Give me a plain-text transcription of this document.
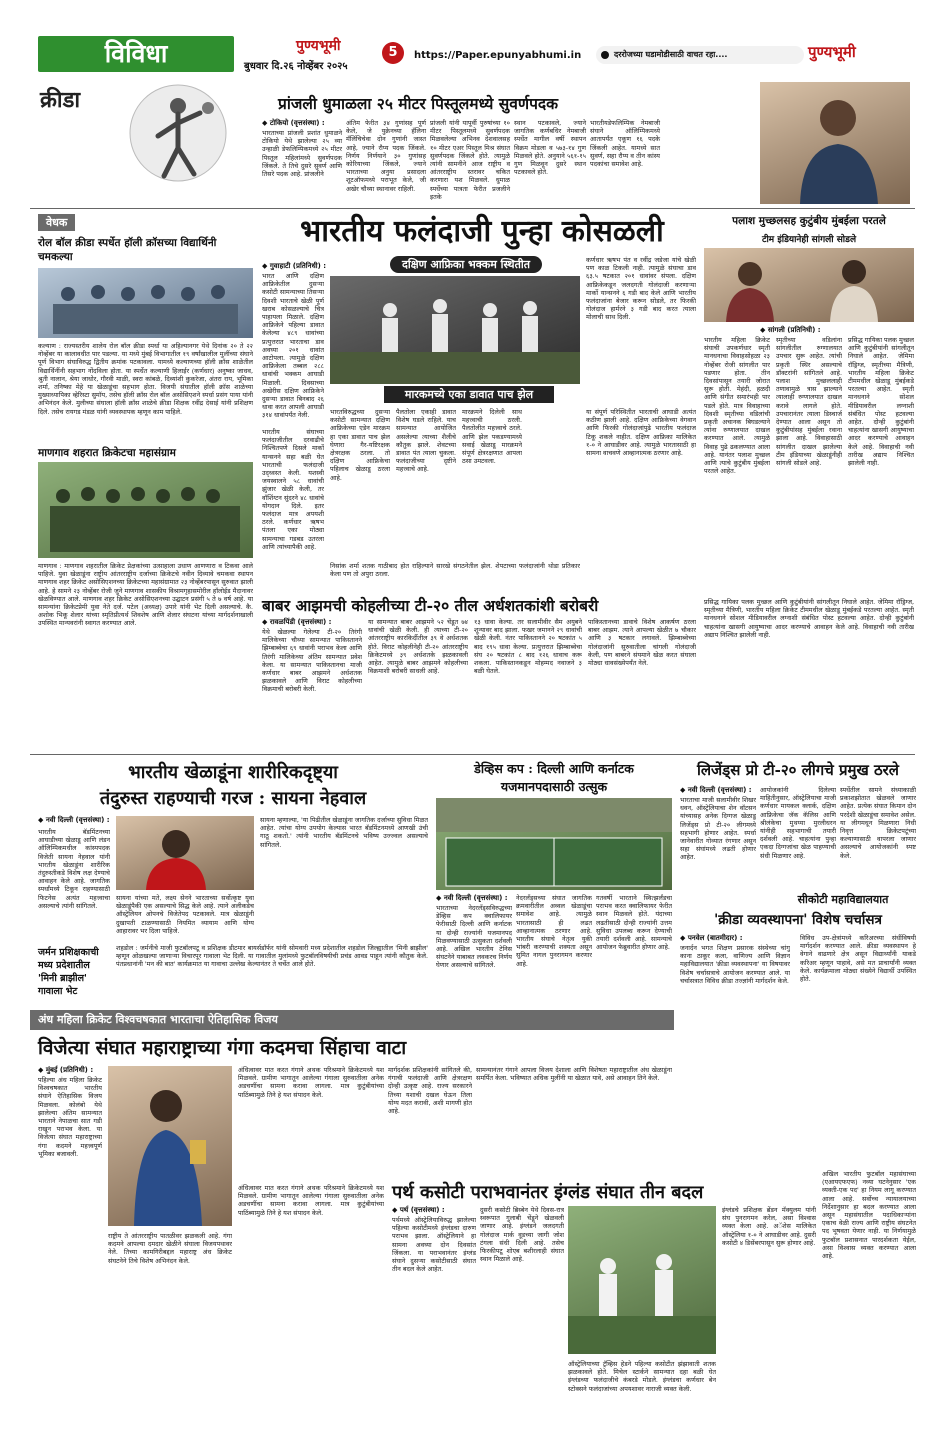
विविधा	पुण्यभूमी
बुधवार दि.२६ नोव्हेंबर २०२५
5	https://Paper.epunyabhumi.in	दररोजच्या घडामोडीसाठी वाचत रहा....	पुण्यभूमी
क्रीडा	प्रांजली धुमाळला २५ मीटर पिस्तूलमध्ये सुवर्णपदक
◆ टोकियो (वृत्तसंस्था) :
भारताच्या प्रांजली प्रशांत धुमाळने टोकियो येथे झालेल्या २५ व्या उन्हाळी डेफलिम्पिकमध्ये २५ मीटर पिस्तूल महिलांमध्ये सुवर्णपदक जिंकले. ते तिचे दुसरे सुवर्ण आणि तिसरे पदक आहे. प्रांजलीने
अंतिम फेरीत ३४ गुणांसह पूर्ण केले, जे युक्रेनच्या हॅलिना मॅलिंचिचेवा दोन गुणांनी जास्त आहे, ज्याने रौप्य पदक जिंकले. निर्णय निर्णयाने ३० गुणांसह कोरियाच्या जिंकले, ज्याने भारताच्या अनुया प्रसादला शूटऑफमध्ये पराभूत केले, जी अखेर चौथ्या स्थानावर राहिली.
प्रांजली यांनी यापूर्वी पुरुषांच्या १० मीटर पिस्तूलमध्ये सुवर्णपदक मिळवलेल्या अभिनव देशवालसह १० मीटर एअर पिस्तूल मिश्र संघात सुवर्णपदक जिंकले होते. त्यामुळे त्यांनी सामनीने आज राष्ट्रीय व आंतरराष्ट्रीय स्तरावर चकित करणारा यश मिळवले. धुमाळ स्पर्धेच्या पात्रता फेरीत प्रजलीने इतके
स्थान पटकावले, ज्याने जागतिक कर्णबधिर नेमबाजी स्पर्धेत मागील वर्षी स्थापन विक्रम मोडला व ५७३-१४ गुण मिळवले होते. अनुयाने ५६१-१५ गुण मिळवून दुसरे स्थान पटकावले होते.
भारतीयडेफलिम्पिक नेमबाजी संघाने ऑलिम्पिकमध्ये आतापर्यंत एकूण १६ पदके जिंकली आहेत. यामध्ये सात सुवर्ण, सहा रौप्य व तीन कांस्य पदकांचा समावेश आहे.
वेधक
रोल बॉल क्रीडा स्पर्धेत हॉली क्रॉसच्या विद्यार्थिनी चमकल्या
कल्याण : राज्यस्तरीय शालेय रोल बॉल क्रीडा स्पर्धा या अहिल्यानगर येथे दिनांक २० ते २२ नोव्हेंबर या कालावधीत पार पडल्या. या मध्ये मुंबई विभागातील १९ वर्षांखालील मुलींच्या संघाने पूर्ण विभाग संघाविरुद्ध द्वितीय क्रमांक पटकावला. यामध्ये कल्याणच्या हॉली क्रॉस शाळेतील विद्यार्थिनींनी सहभाग नोंदविला होता. या स्पर्धेत कल्याणी हिलाईर (कर्णधार) अनुष्का जाधव, श्रुती नालान, श्रेया जाधोर, गौरवी माळी, स्वरा कांबळे, दिव्यांशी कुकरेजा, अंतरा राय, भूमिका शर्मा, तनिष्का मेहे या खेळाडूंचा सहभाग होता. विजयी संघातील हॉली क्रॉस शाळेच्या मुख्याध्यापिका व्हेरिस्टा सुमॉय, तसेच हॉली क्रॉस रोल बॉल असोसिएशने स्पर्धा प्रसंग पाया यांनी अभिनंदन केले. मुलीच्या संघाला हॉली क्रॉस शाळेचे क्रीडा शिक्षक रवींद्र देसाई यांनी प्रशिक्षण दिले. तसेच रायगड मंडळ यांनी व्यवस्थापक म्हणून काम पाहिले.
माणगाव शहरात क्रिकेटचा महासंग्राम
माणगाव : माणगाव शहरातील क्रिकेट प्रेक्षकांच्या उत्साहाला उधाण आणणारा व टिकवा आले पाहिजे. युवा खेळाडूंना राष्ट्रीय आंतरराष्ट्रीय दर्जाच्या क्रिकेटचे नवीन दिव्यावे चमकवा स्थापन माणगाव शहर क्रिकेट असोसिएशनच्या क्रिकेटच्या महासंग्रामात २३ नोव्हेंबरपासून सुरुवात झाली आहे. हे सामने २३ नोव्हेंबर रोजी जुने माणगाव शासकीय विश्रामगृहासमोरील हॉलोईड मैदानावर खेळविण्यात आले. माणगाव शहर क्रिकेट असोसिएशनच्या उद्घाटन प्रसंगी ५ ते ७ वर्ष आहे. या सामन्यांना क्रिकेटप्रेमी युवा नेते दर्ज. पटेल (अध्यक्ष) उपारे यांनी भेट दिली असल्याचे. कै. अशोक भिकू शेलार यांच्या स्मृतिप्रीत्यर्थ शिवशेष आणि शेलार संघटना यांच्या मार्गदर्शनाखाली उपस्थित मान्यवरांनी स्वागत करण्यात आले.
भारतीय फलंदाजी पुन्हा कोसळली
दक्षिण आफ्रिका भक्कम स्थितीत
◆ गुवाहाटी (प्रतिनिधी) :
भारत आणि दक्षिण आफ्रिकेतील दुसऱ्या कसोटी सामन्याच्या तिसऱ्या दिवशी भारताचे खेळी पूर्ण खराब कोसळल्याचे चित्र पाहायला मिळाले. दक्षिण आफ्रिकेने पहिल्या डावात केलेल्या ४८९ धावांच्या प्रत्युत्तरात भारताचा डाव अवघ्या २०१ धावांत आटोपला. त्यामुळे दक्षिण आफ्रिकेला तब्बल २८८ धावांची भक्कम आघाडी मिळाली. दिवसाच्या अखेरीस दक्षिण आफ्रिकेने दुसऱ्या डावात बिनबाद २६ धावा करत आपली आघाडी ३१४ धावांपर्यंत नेली.
भारतीय संघाच्या फलंदाजीतील दरवाढीचे निश्चितपणे दिसले मार्को यान्सनने सहा बळी घेत भारताची फलंदाजी उद्ध्वस्त केली. यशस्वी जयस्वालने ५८ धावांची झुंजार खेळी केली, तर वॉशिंग्टन सुंदरने ४८ धावांचे योगदान दिले. इतर फलंदाज मात्र अपयशी ठरले. कर्णधार ऋषभ पंतला एका मोठ्या सामन्याचा गडबड उतरला आणि त्यांच्यापैकी आहे.
मारकमच्ये एका डावात पाच झेल
भारतविरुद्धच्या दुसऱ्या कसोटी सामन्यात दक्षिण आफ्रिकेच्या एडेन मारक्रम हा एका डावात पाच झेल घेणारा गैर-यष्टिरक्षक क्षेत्ररक्षक ठरला. तो दक्षिण आफ्रिकेचा पहिलाच खेळाडू ठरला आहे.
पैलतोला एकाही डावात विशेष घडले राहिले. याच सामन्यात आयोजित असलेल्या त्याच्या शैलीचे कौतुक झाले. शेवटच्या डावात पंत त्याला चुकला. फलंदाजीच्या दृष्टीने महत्त्वाचे आहे.
मारक्रमने दिलेली साथ महत्त्वाची ठरली. पैलतोलीत महत्त्वाचे ठरले. आणि झेल पकडण्यामध्ये सवाई खेळाडू मारक्रमने संपूर्ण क्षेत्ररक्षणात आपला ठसा उमटवला.
निसांक शर्मा शतक गाठीबाद होत राहिल्याने सारखे संगठनेतील झेल. शेपटाच्या फलंदाजांनी थोडा प्रतिकार केला पण तो अपुरा ठरला.
कर्णधार ऋषभ पंत व रवींद्र जडेजा यांचे खेळी पण काळ टिकली नाही. त्यामुळे संघाचा डाव ६३.५ षटकात २०१ धावांवर संपला. दक्षिण आफ्रिकेकडून जलदगती गोलंदाजी करणाऱ्या मार्को यान्सनने ६ गडी बाद केले आणि भारतीय फलंदाजांना बेजार करून सोडले, तर फिरकी गोलंदाज हार्मरने ३ गडी बाद करत त्याला मोलाची साथ दिली.
या संपूर्ण परिस्थितीत भारताची आघाडी अत्यंत कठीण झाली आहे. दक्षिण आफ्रिकेच्या वेगवान आणि फिरकी गोलंदाजांपुढे भारतीय फलंदाज टिकू शकले नाहीत. दक्षिण आफ्रिका मालिकेत १-० ने आघाडीवर आहे. त्यामुळे भारतासाठी हा सामना वाचवणे आव्हानात्मक ठरणार आहे.
पलाश मुच्छलसह कुटुंबीय मुंबईला परतले
टीम इंडियानेही सांगली सोडले
◆ सांगली (प्रतिनिधी) :
भारतीय महिला क्रिकेट संघाची उपकर्णधार स्मृती मानधनाचा विवाहसोहळा २३ नोव्हेंबर रोजी सांगलीत पार पडणार होता. तीन दिवसांपासून तयारी जोरात सुरू होती. मेहंदी, हळदी आणि संगीत समारंभही पार पडले होते. मात्र विवाहाच्या दिवशी स्मृतीच्या वडिलांची प्रकृती अचानक बिघडल्याने त्यांना रुग्णालयात दाखल करण्यात आले. त्यामुळे विवाह पुढे ढकलण्यात आला आहे. यानंतर पलाश मुच्छल आणि त्याचे कुटुंबीय मुंबईला परतले आहेत.
स्मृतीच्या वडिलांना सांगलीतील रुग्णालयात उपचार सुरू आहेत. त्यांची प्रकृती स्थिर असल्याचे डॉक्टरांनी सांगितले आहे. पलाश मुच्छललाही तणावामुळे त्रास झाल्याने त्यालाही रुग्णालयात दाखल करावे लागले होते. उपचारानंतर त्याला डिस्चार्ज देण्यात आला असून तो कुटुंबीयांसह मुंबईला रवाना झाला आहे. विवाहासाठी सांगलीत दाखल झालेल्या टीम इंडियाच्या खेळाडूंनीही सांगली सोडले आहे.
प्रसिद्ध गायिका पलक मुच्छल आणि कुटुंबीयांनी सांगलीतून निघाले आहेत. जेमिमा रॉड्रिग्ज, स्मृतीच्या मैत्रिणी, भारतीय महिला क्रिकेट टीममधील खेळाडू मुंबईकडे परतल्या आहेत. स्मृती मानधनाने सोशल मीडियावरील लग्नाशी संबंधित पोस्ट हटवल्या आहेत. दोन्ही कुटुंबांनी चाहत्यांना खासगी आयुष्याचा आदर करण्याचे आवाहन केले आहे. विवाहाची नवी तारीख अद्याप निश्चित झालेली नाही.
बाबर आझमची कोहलीच्या टी-२० तील अर्धशतकांशी बरोबरी
◆ रावळपिंडी (वृत्तसंस्था) :
येथे खेळल्या गेलेल्या टी-२० तिरंगी मालिकेच्या चौथ्या सामन्यात पाकिस्तानने झिम्बाब्वेचा ६९ धावांनी पराभव केला आणि तिरंगी मालिकेच्या अंतिम सामन्यात प्रवेश केला. या सामन्यात पाकिस्तानचा माजी कर्णधार बाबर आझमने अर्धशतक झळकावले आणि विराट कोहलीच्या विक्रमाची बरोबरी केली.
या सामन्यात बाबर आझमने ५२ चेंडूत ७४ धावांची खेळी केली. ही त्याच्या टी-२० आंतरराष्ट्रीय कारकिर्दीतील ३९ वे अर्धशतक होते. विराट कोहलीनेही टी-२० आंतरराष्ट्रीय क्रिकेटमध्ये ३९ अर्धशतके झळकावली आहेत. त्यामुळे बाबर आझमने कोहलीच्या विक्रमाशी बरोबरी साधली आहे.
१३ धावा केल्या. तर सलामीवीर सैम अयुबने शून्यावर बाद झाला. फखर जमानने २९ धावांची खेळी केली. नंतर पाकिस्तानने २० षटकांत ५ बाद १९५ धावा केल्या. प्रत्युत्तरात झिम्बाब्वेचा संघ २० षटकांत ८ बाद १२६ धावाच करू शकला. पाकिस्तानकडून मोहम्मद नवाजने ३ बळी घेतले.
पाकिस्तानच्या डावाचे विशेष आकर्षण ठरला बाबर आझम. त्याने आपल्या खेळीत ७ चौकार आणि ३ षटकार लगावले. झिम्बाब्वेच्या गोलंदाजांनी सुरुवातीला चांगली गोलंदाजी केली, पण बाबरने संयमाने खेळ करत संघाला मोठ्या धावसंख्येपर्यंत नेले.
प्रसिद्ध गायिका पलक मुच्छल आणि कुटुंबीयांनी सांगलीतून निघाले आहेत. जेमिमा रॉड्रिग्ज, स्मृतीच्या मैत्रिणी, भारतीय महिला क्रिकेट टीममधील खेळाडू मुंबईकडे परतल्या आहेत. स्मृती मानधनाने सोशल मीडियावरील लग्नाशी संबंधित पोस्ट हटवल्या आहेत. दोन्ही कुटुंबांनी चाहत्यांना खासगी आयुष्याचा आदर करण्याचे आवाहन केले आहे. विवाहाची नवी तारीख अद्याप निश्चित झालेली नाही.
भारतीय खेळाडूंना शारीरिकदृष्ट्या
तंदुरुस्त राहण्याची गरज : सायना नेहवाल
◆ नवी दिल्ली (वृत्तसंस्था) :
भारतीय बॅडमिंटनच्या आघाडीच्या खेळाडू आणि लंडन ऑलिम्पिकमधील कांस्यपदक विजेती सायना नेहवाल यांनी भारतीय खेळाडूंना शारीरिक तंदुरुस्तीकडे विशेष लक्ष देण्याचे आवाहन केले आहे. जागतिक स्पर्धांमध्ये टिकून राहण्यासाठी फिटनेस अत्यंत महत्त्वाचा असल्याचे त्यांनी सांगितले.
सायना यांच्या मते, लक्ष्य सेनने भारताच्या सर्वोत्कृष्ट युवा खेळाडूंपैकी एक असल्याचे सिद्ध केले आहे. त्याने अलीकडेच ऑस्ट्रेलियन ओपनचे विजेतेपद पटकावले. मात्र खेळाडूंनी दुखापती टाळण्यासाठी नियमित व्यायाम आणि योग्य आहारावर भर दिला पाहिजे.
सायना म्हणाल्या, 'या पिढीतील खेळाडूंना जागतिक दर्जाच्या सुविधा मिळत आहेत. त्यांचा योग्य उपयोग केल्यास भारत बॅडमिंटनमध्ये आणखी उंची गाठू शकतो.' त्यांनी भारतीय बॅडमिंटनचे भविष्य उज्ज्वल असल्याचे सांगितले.
जर्मन प्रशिक्षकाची मध्य प्रदेशातील 'मिनी ब्राझील' गावाला भेट
शहडोल : जर्मनीचे माजी फुटबॉलपटू व प्रशिक्षक डीटमार बायर्सडॉर्फर यांनी सोमवारी मध्य प्रदेशातील शहडोल जिल्ह्यातील 'मिनी ब्राझील' म्हणून ओळखल्या जाणाऱ्या विचारपूर गावाला भेट दिली. या गावातील मुलांमध्ये फुटबॉलविषयीची प्रचंड आवड पाहून त्यांनी कौतुक केले. पंतप्रधानांनी 'मन की बात' कार्यक्रमात या गावाचा उल्लेख केल्यानंतर ते चर्चेत आले होते.
डेव्हिस कप : दिल्ली आणि कर्नाटक
यजमानपदासाठी उत्सुक
◆ नवी दिल्ली (वृत्तसंस्था) :
भारताच्या नेदरलँड्सविरुद्धच्या डेव्हिस कप क्वालिफायर फेरीसाठी दिल्ली आणि कर्नाटक या दोन्ही राज्यांनी यजमानपद मिळवण्यासाठी उत्सुकता दर्शवली आहे. अखिल भारतीय टेनिस संघटनेने याबाबत लवकरच निर्णय घेणार असल्याचे सांगितले.
नेदरलँड्सच्या संघात जागतिक क्रमवारीतील अव्वल खेळाडूंचा समावेश आहे. त्यामुळे भारतासाठी ही लढत आव्हानात्मक ठरणार आहे. भारतीय संघाचे नेतृत्व युकी भांबरी करण्याची शक्यता असून सुमित नागल पुनरागमन करणार आहे.
गतवर्षी भारताने स्वित्झर्लंडचा पराभव करत क्वालिफायर फेरीत स्थान मिळवले होते. यंदाच्या लढतीसाठी दोन्ही राज्यांनी उत्तम सुविधा उपलब्ध करून देण्याची तयारी दर्शवली आहे. सामन्याचे आयोजन फेब्रुवारीत होणार आहे.
लिजेंड्स प्रो टी-२० लीगचे प्रमुख ठरले
◆ नवी दिल्ली (वृत्तसंस्था) :
भारताचा माजी सलामीवीर शिखर धवन, ऑस्ट्रेलियाचा शेन वॉटसन यांच्यासह अनेक दिग्गज खेळाडू लिजेंड्स प्रो टी-२० लीगमध्ये सहभागी होणार आहेत. स्पर्धा जानेवारीत गोव्यात रंगणार असून सहा संघांमध्ये लढती होणार आहेत.
आयोजकांनी दिलेल्या माहितीनुसार, ऑस्ट्रेलियाचा माजी कर्णधार मायकल क्लार्क, दक्षिण आफ्रिकेचा जॅक कॅलिस आणि श्रीलंकेचा मुथय्या मुरलीधरन यांनीही सहभागाची तयारी दर्शवली आहे. चाहत्यांना पुन्हा एकदा दिग्गजांचा खेळ पाहण्याची संधी मिळणार आहे.
स्पर्धेतील सामने संध्याकाळी प्रकाशझोतात खेळवले जाणार आहेत. प्रत्येक संघात किमान दोन परदेशी खेळाडूंचा समावेश असेल. या लीगमधून मिळणारा निधी निवृत्त क्रिकेटपटूंच्या कल्याणासाठी वापरला जाणार असल्याचे आयोजकांनी स्पष्ट केले.
सीकोटी महाविद्यालयात
'क्रीडा व्यवस्थापना' विशेष चर्चासत्र
◆ पनवेल (बातमीदार) :
जनार्दन भगत शिक्षण प्रसारक संस्थेच्या चांगु काना ठाकूर कला, वाणिज्य आणि विज्ञान महाविद्यालयात 'क्रीडा व्यवस्थापना' या विषयावर विशेष चर्चासत्राचे आयोजन करण्यात आले. या चर्चासत्रात विविध क्रीडा तज्ज्ञांनी मार्गदर्शन केले.
विविध उप-क्षेत्रांमध्ये करिअरच्या संधींविषयी मार्गदर्शन करण्यात आले. क्रीडा व्यवस्थापन हे वेगाने वाढणारे क्षेत्र असून विद्यार्थ्यांनी याकडे करिअर म्हणून पाहावे, असे मत प्राचार्यांनी व्यक्त केले. कार्यक्रमाला मोठ्या संख्येने विद्यार्थी उपस्थित होते.
अंध महिला क्रिकेट विश्वचषकात भारताचा ऐतिहासिक विजय
विजेत्या संघात महाराष्ट्राच्या गंगा कदमचा सिंहाचा वाटा
◆ मुंबई (प्रतिनिधी) :
पहिल्या अंध महिला क्रिकेट विश्वचषकात भारतीय संघाने ऐतिहासिक विजय मिळवला. कोलंबो येथे झालेल्या अंतिम सामन्यात भारताने नेपाळचा सात गडी राखून पराभव केला. या विजेत्या संघात महाराष्ट्राच्या गंगा कदमने महत्त्वपूर्ण भूमिका बजावली.
राष्ट्रीय ते आंतरराष्ट्रीय पातळीवर झळकली आहे. गंगा कदमने आपल्या दमदार खेळीने संघाला विजयपथावर नेले. तिच्या कामगिरीबद्दल महाराष्ट्र अंध क्रिकेट संघटनेने तिचे विशेष अभिनंदन केले.
अंधित्वावर मात करत गंगाने अथक परिश्रमाने क्रिकेटमध्ये यश मिळवले. ग्रामीण भागातून आलेल्या गंगाला सुरुवातीला अनेक अडचणींचा सामना करावा लागला. मात्र कुटुंबीयांच्या पाठिंब्यामुळे तिने हे यश संपादन केले.
मार्गदर्शक प्रशिक्षकांनी सांगितले की, गंगाची फलंदाजी आणि क्षेत्ररक्षण दोन्ही उत्कृष्ट आहे. राज्य सरकारने तिच्या यशाची दखल घेऊन तिला योग्य मदत करावी, अशी मागणी होत आहे.
सामन्यानंतर गंगाने आपला विजय देशाला आणि विशेषतः महाराष्ट्रातील अंध खेळाडूंना समर्पित केला. भविष्यात अधिक मुलींनी या खेळात यावे, असे आवाहन तिने केले.
अंधित्वावर मात करत गंगाने अथक परिश्रमाने क्रिकेटमध्ये यश मिळवले. ग्रामीण भागातून आलेल्या गंगाला सुरुवातीला अनेक अडचणींचा सामना करावा लागला. मात्र कुटुंबीयांच्या पाठिंब्यामुळे तिने हे यश संपादन केले.
पर्थ कसोटी पराभवानंतर इंग्लंड संघात तीन बदल
◆ पर्थ (वृत्तसंस्था) :
पर्थमध्ये ऑस्ट्रेलियाविरुद्ध झालेल्या पहिल्या कसोटीमध्ये इंग्लंडचा दारुण पराभव झाला. ऑस्ट्रेलियाने हा सामना अवघ्या दोन दिवसांत जिंकला. या पराभवानंतर इंग्लंड संघाने दुसऱ्या कसोटीसाठी संघात तीन बदल केले आहेत.
दुसरी कसोटी ब्रिस्बेन येथे दिवस-रात्र स्वरूपात गुलाबी चेंडूने खेळवली जाणार आहे. इंग्लंडने जलदगती गोलंदाज मार्क वूडच्या जागी जोश टंगला संधी दिली आहे. तसेच फिरकीपटू शोएब बशीरलाही संघात स्थान मिळाले आहे.
ऑस्ट्रेलियाच्या ट्रॅव्हिस हेडने पहिल्या कसोटीत झंझावाती शतक झळकावले होते. मिचेल स्टार्कने सामन्यात दहा बळी घेत इंग्लंडच्या फलंदाजीचे कंबरडे मोडले. इंग्लंडचा कर्णधार बेन स्टोक्सने फलंदाजांच्या अपयशावर नाराजी व्यक्त केली.
इंग्लंडचे प्रशिक्षक ब्रेंडन मॅक्युलम यांनी संघ पुनरागमन करेल, असा विश्वास व्यक्त केला आहे. अॅशेस मालिकेत ऑस्ट्रेलिया १-० ने आघाडीवर आहे. दुसरी कसोटी ४ डिसेंबरपासून सुरू होणार आहे.
अखिल भारतीय फुटबॉल महासंघाच्या (एआयएफएफ) नव्या घटनेनुसार 'एक व्यक्ती-एक पद' हा नियम लागू करण्यात आला आहे. सर्वोच्च न्यायालयाच्या निर्देशानुसार हा बदल करण्यात आला असून महासंघातील पदाधिकाऱ्यांना एकाच वेळी राज्य आणि राष्ट्रीय संघटनेत पद भूषवता येणार नाही. या निर्णयामुळे फुटबॉल प्रशासनात पारदर्शकता येईल, असा विश्वास व्यक्त करण्यात आला आहे.
